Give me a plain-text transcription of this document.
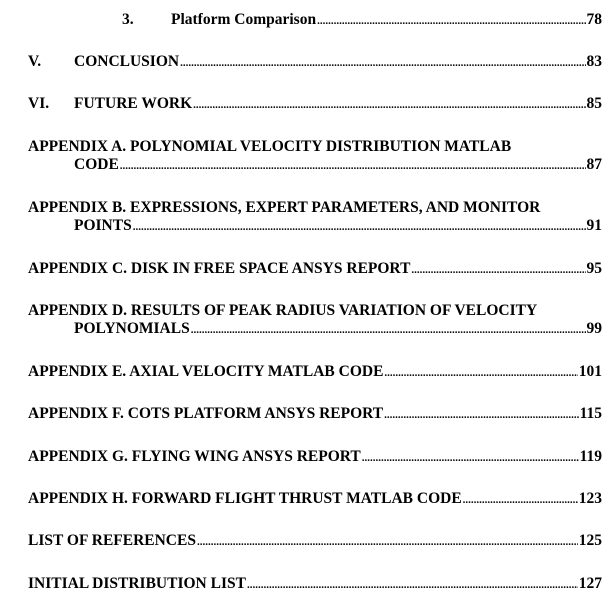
3.	Platform Comparison .....	78
V.	CONCLUSION .....	83
VI.	FUTURE WORK .....	85
APPENDIX A. POLYNOMIAL VELOCITY DISTRIBUTION MATLAB
CODE .....	87
APPENDIX B. EXPRESSIONS, EXPERT PARAMETERS, AND MONITOR
POINTS .....	91
APPENDIX C. DISK IN FREE SPACE ANSYS REPORT .....	95
APPENDIX D. RESULTS OF PEAK RADIUS VARIATION OF VELOCITY
POLYNOMIALS .....	99
APPENDIX E. AXIAL VELOCITY MATLAB CODE .....	101
APPENDIX F. COTS PLATFORM ANSYS REPORT .....	115
APPENDIX G. FLYING WING ANSYS REPORT .....	119
APPENDIX H. FORWARD FLIGHT THRUST MATLAB CODE .....	123
LIST OF REFERENCES .....	125
INITIAL DISTRIBUTION LIST .....	127
